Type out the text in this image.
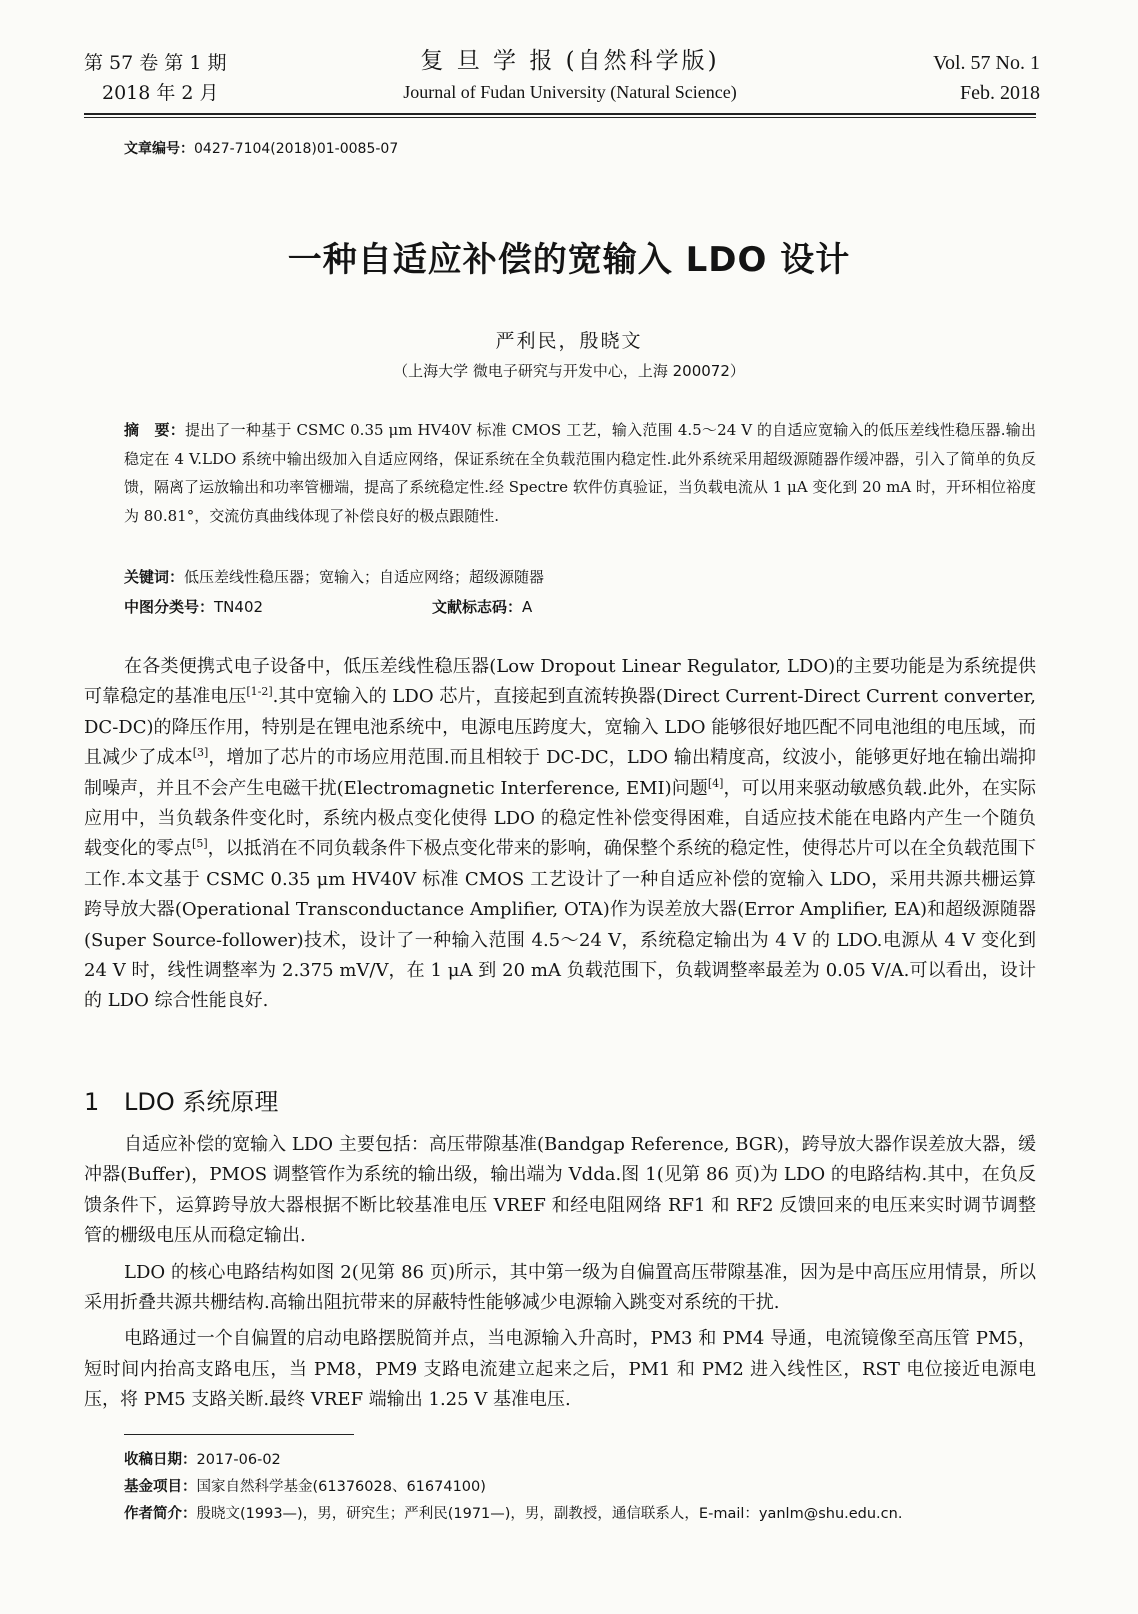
第 57 卷 第 1 期
2018 年 2 月
复 旦 学 报 (自然科学版)
Journal of Fudan University (Natural Science)
Vol. 57 No. 1
Feb. 2018
文章编号：0427-7104(2018)01-0085-07
一种自适应补偿的宽输入 LDO 设计
严利民，殷晓文
（上海大学 微电子研究与开发中心，上海 200072）
摘　要：提出了一种基于 CSMC 0.35 μm HV40V 标准 CMOS 工艺，输入范围 4.5～24 V 的自适应宽输入的低压差线性稳压器.输出稳定在 4 V.LDO 系统中输出级加入自适应网络，保证系统在全负载范围内稳定性.此外系统采用超级源随器作缓冲器，引入了简单的负反馈，隔离了运放输出和功率管栅端，提高了系统稳定性.经 Spectre 软件仿真验证，当负载电流从 1 μA 变化到 20 mA 时，开环相位裕度为 80.81°，交流仿真曲线体现了补偿良好的极点跟随性.
关键词：低压差线性稳压器；宽输入；自适应网络；超级源随器
中图分类号：TN402	文献标志码：A
在各类便携式电子设备中，低压差线性稳压器(Low Dropout Linear Regulator, LDO)的主要功能是为系统提供可靠稳定的基准电压[1-2].其中宽输入的 LDO 芯片，直接起到直流转换器(Direct Current-Direct Current converter, DC-DC)的降压作用，特别是在锂电池系统中，电源电压跨度大，宽输入 LDO 能够很好地匹配不同电池组的电压域，而且减少了成本[3]，增加了芯片的市场应用范围.而且相较于 DC-DC，LDO 输出精度高，纹波小，能够更好地在输出端抑制噪声，并且不会产生电磁干扰(Electromagnetic Interference, EMI)问题[4]，可以用来驱动敏感负载.此外，在实际应用中，当负载条件变化时，系统内极点变化使得 LDO 的稳定性补偿变得困难，自适应技术能在电路内产生一个随负载变化的零点[5]，以抵消在不同负载条件下极点变化带来的影响，确保整个系统的稳定性，使得芯片可以在全负载范围下工作.本文基于 CSMC 0.35 μm HV40V 标准 CMOS 工艺设计了一种自适应补偿的宽输入 LDO，采用共源共栅运算跨导放大器(Operational Transconductance Amplifier, OTA)作为误差放大器(Error Amplifier, EA)和超级源随器(Super Source-follower)技术，设计了一种输入范围 4.5～24 V，系统稳定输出为 4 V 的 LDO.电源从 4 V 变化到 24 V 时，线性调整率为 2.375 mV/V，在 1 μA 到 20 mA 负载范围下，负载调整率最差为 0.05 V/A.可以看出，设计的 LDO 综合性能良好.
1 LDO 系统原理

自适应补偿的宽输入 LDO 主要包括：高压带隙基准(Bandgap Reference, BGR)，跨导放大器作误差放大器，缓冲器(Buffer)，PMOS 调整管作为系统的输出级，输出端为 Vdda.图 1(见第 86 页)为 LDO 的电路结构.其中，在负反馈条件下，运算跨导放大器根据不断比较基准电压 VREF 和经电阻网络 RF1 和 RF2 反馈回来的电压来实时调节调整管的栅级电压从而稳定输出.

LDO 的核心电路结构如图 2(见第 86 页)所示，其中第一级为自偏置高压带隙基准，因为是中高压应用情景，所以采用折叠共源共栅结构.高输出阻抗带来的屏蔽特性能够减少电源输入跳变对系统的干扰.

电路通过一个自偏置的启动电路摆脱简并点，当电源输入升高时，PM3 和 PM4 导通，电流镜像至高压管 PM5，短时间内抬高支路电压，当 PM8，PM9 支路电流建立起来之后，PM1 和 PM2 进入线性区，RST 电位接近电源电压，将 PM5 支路关断.最终 VREF 端输出 1.25 V 基准电压.

收稿日期：2017-06-02
基金项目：国家自然科学基金(61376028、61674100)
作者简介：殷晓文(1993—)，男，研究生；严利民(1971—)，男，副教授，通信联系人，E-mail：yanlm@shu.edu.cn.
